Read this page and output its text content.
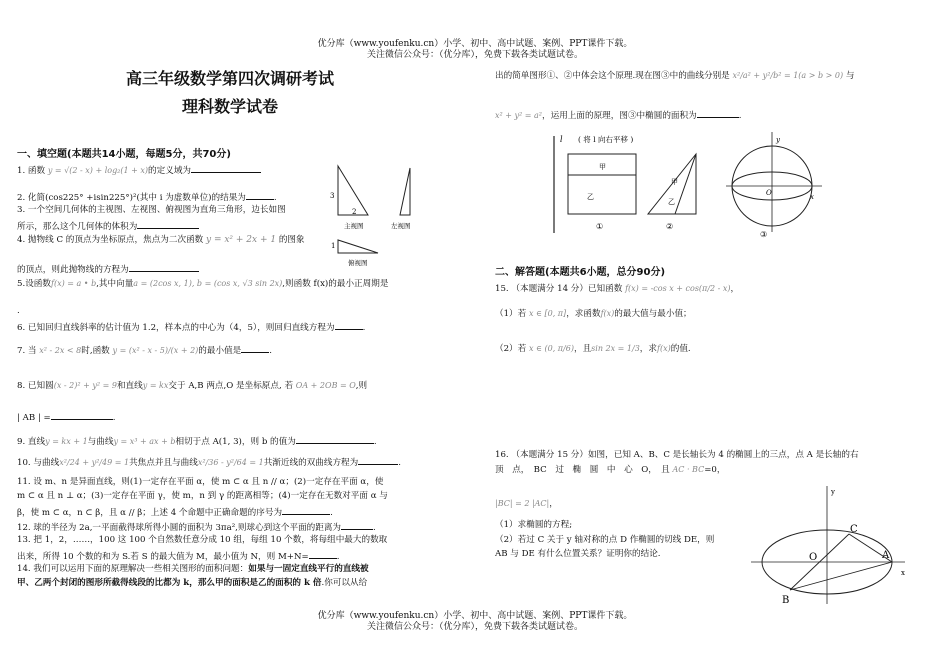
优分库（www.youfenku.cn）小学、初中、高中试题、案例、PPT课件下载。
关注微信公众号：（优分库），免费下载各类试题试卷。
高三年级数学第四次调研考试
理科数学试卷
一、填空题(本题共14小题，每题5分，共70分)
1. 函数 y = √(2 - x) + log₂(1 + x)的定义域为
2. 化简(cos225° +isin225°)²(其中 i 为虚数单位)的结果为	.
3. 一个空间几何体的主视图、左视图、俯视图为直角三角形，边长如图
所示，那么这个几何体的体积为
4. 抛物线 C 的顶点为坐标原点，焦点为二次函数 y = x² + 2x + 1 的图象
的顶点，则此抛物线的方程为
3
2
1
主视图	左视图
俯视图
5.设函数f(x) = a • b,其中向量a = (2cos x, 1), b = (cos x, √3 sin 2x),则函数 f(x)的最小正周期是
.
6. 已知回归直线斜率的估计值为 1.2，样本点的中心为（4，5），则回归直线方程为	.
7. 当 x² - 2x < 8时,函数 y = (x² - x - 5)/(x + 2)的最小值是	.
8. 已知圆(x - 2)² + y² = 9和直线y = kx交于 A,B 两点,O 是坐标原点, 若 OA + 2OB = O,则
| AB | =	.
9. 直线y = kx + 1与曲线y = x³ + ax + b相切于点 A(1, 3)，则 b 的值为	.
10. 与曲线x²/24 + y²/49 = 1共焦点并且与曲线x²/36 - y²/64 = 1共渐近线的双曲线方程为	.
11. 设 m、n 是异面直线，则(1)一定存在平面 α，使 m ⊂ α 且 n // α；(2)一定存在平面 α，使
m ⊂ α 且 n ⊥ α；(3)一定存在平面 γ，使 m，n 到 γ 的距离相等；(4)一定存在无数对平面 α 与
β，使 m ⊂ α，n ⊂ β，且 α // β；上述 4 个命题中正确命题的序号为	.
12. 球的半径为 2a,一平面截得球所得小圆的面积为 3πa²,则球心到这个平面的距离为	.
13. 把 1，2，……，100 这 100 个自然数任意分成 10 组，每组 10 个数，将每组中最大的数取
出来，所得 10 个数的和为 S.若 S 的最大值为 M，最小值为 N，则 M+N=	.
14. 我们可以运用下面的原理解决一些相关图形的面积问题：如果与一固定直线平行的直线被
甲、乙两个封闭的图形所截得线段的比都为 k，那么甲的面积是乙的面积的 k 倍.你可以从给
出的简单图形①、②中体会这个原理.现在图③中的曲线分别是 x²/a² + y²/b² = 1(a > b > 0) 与
x² + y² = a²，运用上面的原理，图③中椭圆的面积为	.
l ( 将 l 向右平移 )
甲
乙
①
甲
乙
②
y
x
O
③
二、解答题(本题共6小题，总分90分)
15. （本题满分 14 分）已知函数 f(x) = -cos x + cos(π/2 - x)，
（1）若 x ∈ [0, π]，求函数f(x)的最大值与最小值；
（2）若 x ∈ (0, π/6)，且sin 2x = 1/3，求f(x)的值.
16. （本题满分 15 分）如图，已知 A、B、C 是长轴长为 4 的椭圆上的三点，点 A 是长轴的右
顶　点，　BC　过　椭　圆　中　心　O，　且 AC · BC=0，
|BC| = 2 |AC|，
（1）求椭圆的方程;
（2）若过 C 关于 y 轴对称的点 D 作椭圆的切线 DE，则
AB 与 DE 有什么位置关系？证明你的结论.
y
x
C
O	A
B
优分库（www.youfenku.cn）小学、初中、高中试题、案例、PPT课件下载。
关注微信公众号：（优分库），免费下载各类试题试卷。
